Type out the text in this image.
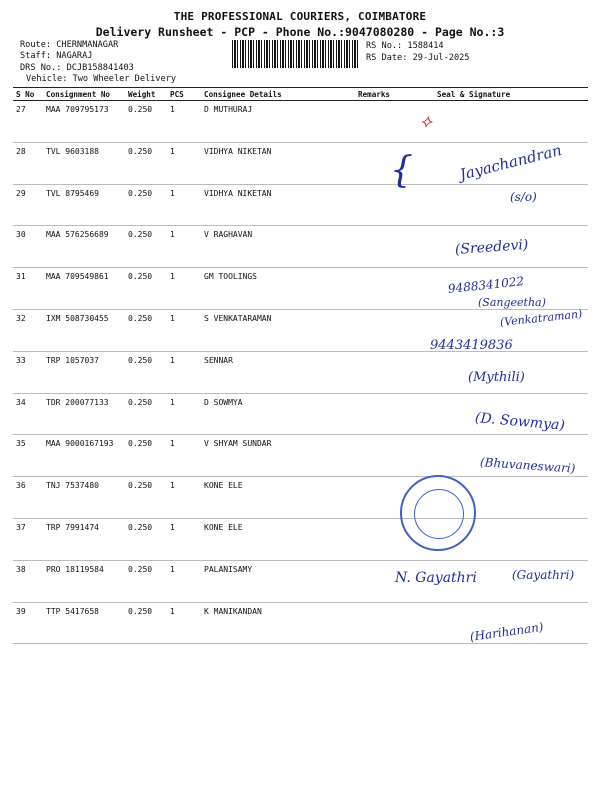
THE PROFESSIONAL COURIERS, COIMBATORE
Delivery Runsheet - PCP - Phone No.:9047080280 - Page No.:3
Route: CHERNMANAGAR
Staff: NAGARAJ
DRS No.: DCJB158841403
Vehicle: Two Wheeler Delivery
RS No.: 1588414
RS Date: 29-Jul-2025
S No	Consignment No	Weight	PCS	Consignee Details	Remarks	Seal & Signature
27	MAA 709795173	0.250	1	D MUTHURAJ		
28	TVL 9603188	0.250	1	VIDHYA NIKETAN		
29	TVL 8795469	0.250	1	VIDHYA NIKETAN		
30	MAA 576256689	0.250	1	V RAGHAVAN		
31	MAA 709549861	0.250	1	GM TOOLINGS		
32	IXM 508730455	0.250	1	S VENKATARAMAN		
33	TRP 1057037	0.250	1	SENNAR		
34	TDR 200077133	0.250	1	D SOWMYA		
35	MAA 9000167193	0.250	1	V SHYAM SUNDAR		
36	TNJ 7537480	0.250	1	KONE ELE		
37	TRP 7991474	0.250	1	KONE ELE		
38	PRO 18119584	0.250	1	PALANISAMY		
39	TTP 5417658	0.250	1	K MANIKANDAN		
⟡
{	Jayachandran
(s/o)
(Sreedevi)
9488341022
(Sangeetha)
(Venkatraman)
9443419836
(Mythili)
(D. Sowmya)
(Bhuvaneswari)
N. Gayathri	(Gayathri)
(Harihanan)
